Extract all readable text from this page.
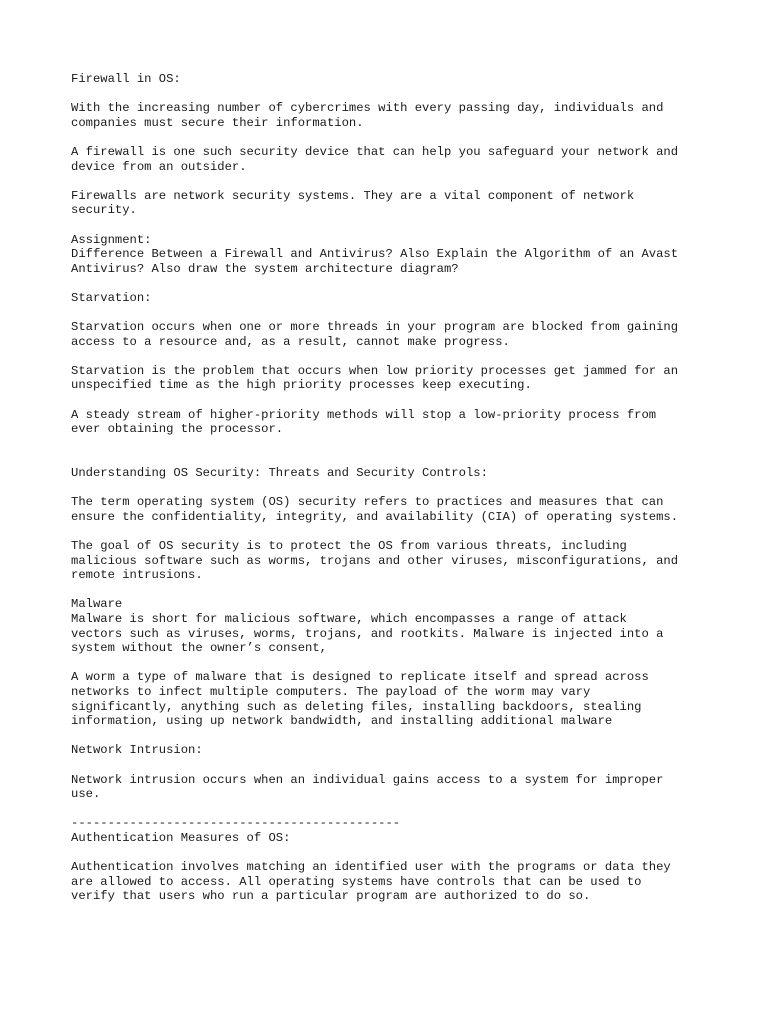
Firewall in OS:

With the increasing number of cybercrimes with every passing day, individuals and
companies must secure their information.

A firewall is one such security device that can help you safeguard your network and
device from an outsider.

Firewalls are network security systems. They are a vital component of network
security.

Assignment:
Difference Between a Firewall and Antivirus? Also Explain the Algorithm of an Avast
Antivirus? Also draw the system architecture diagram?

Starvation:

Starvation occurs when one or more threads in your program are blocked from gaining
access to a resource and, as a result, cannot make progress.

Starvation is the problem that occurs when low priority processes get jammed for an
unspecified time as the high priority processes keep executing.

A steady stream of higher-priority methods will stop a low-priority process from
ever obtaining the processor.

Understanding OS Security: Threats and Security Controls:

The term operating system (OS) security refers to practices and measures that can
ensure the confidentiality, integrity, and availability (CIA) of operating systems.

The goal of OS security is to protect the OS from various threats, including
malicious software such as worms, trojans and other viruses, misconfigurations, and
remote intrusions.

Malware
Malware is short for malicious software, which encompasses a range of attack
vectors such as viruses, worms, trojans, and rootkits. Malware is injected into a
system without the owner’s consent,

A worm a type of malware that is designed to replicate itself and spread across
networks to infect multiple computers. The payload of the worm may vary
significantly, anything such as deleting files, installing backdoors, stealing
information, using up network bandwidth, and installing additional malware

Network Intrusion:

Network intrusion occurs when an individual gains access to a system for improper
use.

---------------------------------------------
Authentication Measures of OS:

Authentication involves matching an identified user with the programs or data they
are allowed to access. All operating systems have controls that can be used to
verify that users who run a particular program are authorized to do so.
